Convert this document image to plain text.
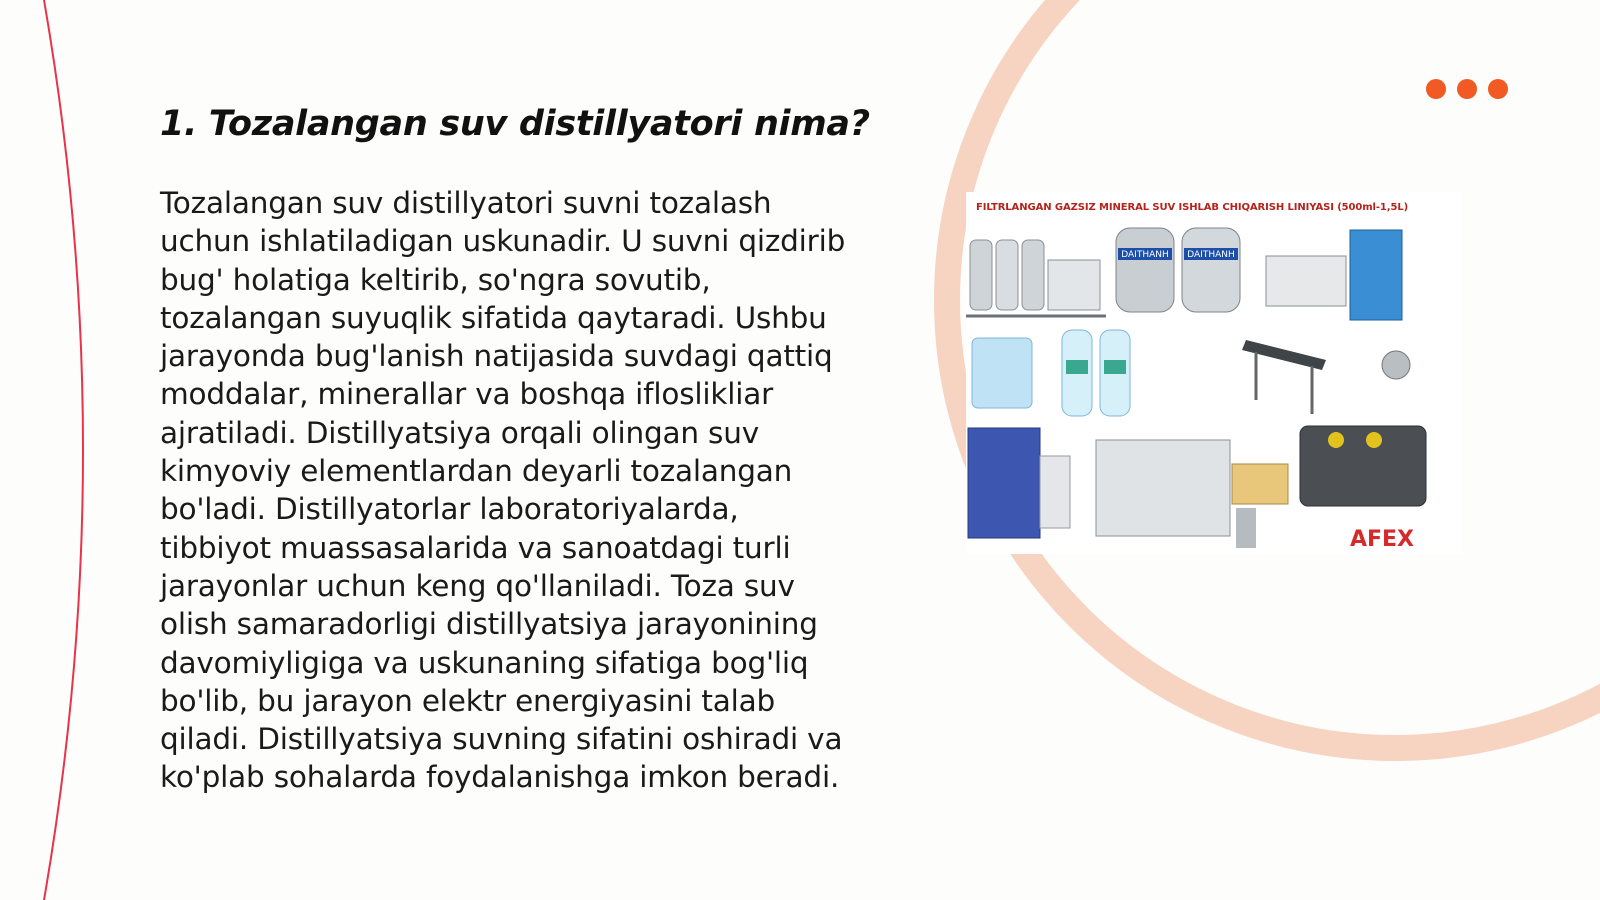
1. Tozalangan suv distillyatori nima?

Tozalangan suv distillyatori suvni tozalash uchun ishlatiladigan uskunadir. U suvni qizdirib bug' holatiga keltirib, so'ngra sovutib, tozalangan suyuqlik sifatida qaytaradi. Ushbu jarayonda bug'lanish natijasida suvdagi qattiq moddalar, minerallar va boshqa ifloslikliar ajratiladi. Distillyatsiya orqali olingan suv kimyoviy elementlardan deyarli tozalangan bo'ladi. Distillyatorlar laboratoriyalarda, tibbiyot muassasalarida va sanoatdagi turli jarayonlar uchun keng qo'llaniladi. Toza suv olish samaradorligi distillyatsiya jarayonining davomiyligiga va uskunaning sifatiga bog'liq bo'lib, bu jarayon elektr energiyasini talab qiladi. Distillyatsiya suvning sifatini oshiradi va ko'plab sohalarda foydalanishga imkon beradi.

FILTRLANGAN GAZSIZ MINERAL SUV ISHLAB CHIQARISH LINIYASI (500ml-1,5L)
DAITHANH DAITHANH
AFEX
